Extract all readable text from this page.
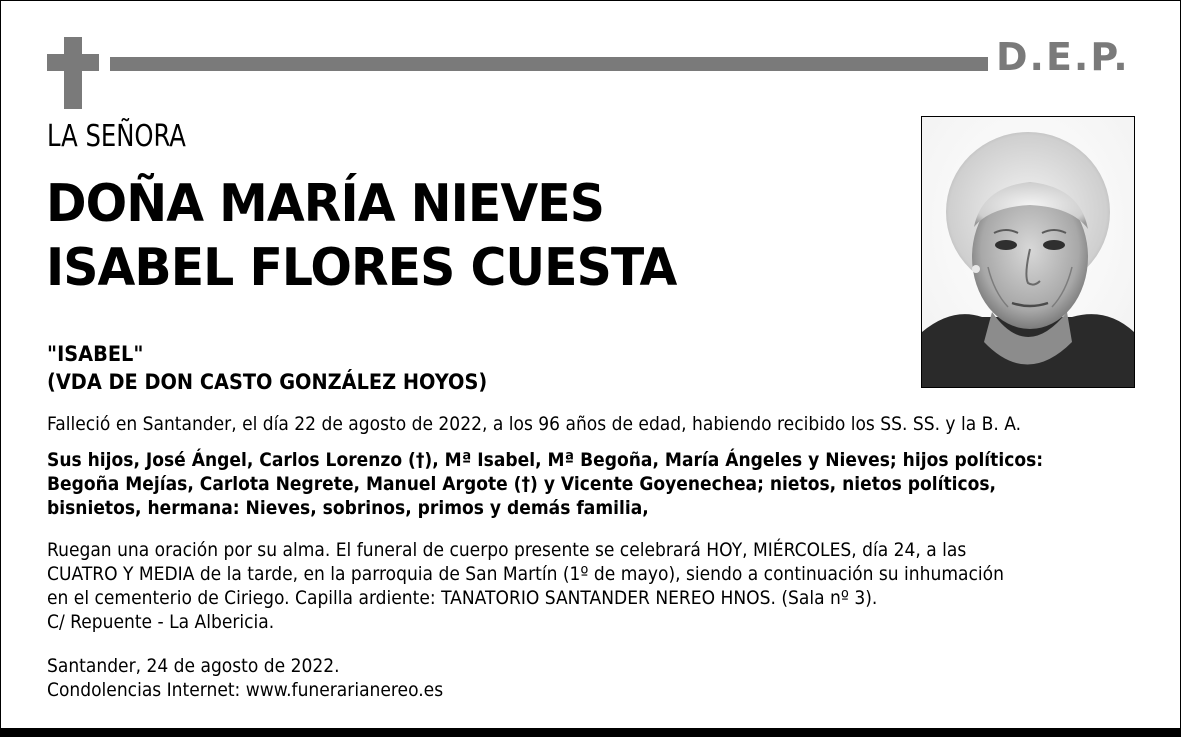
D.E.P.
LA SEÑORA
DOÑA MARÍA NIEVES
ISABEL FLORES CUESTA
"ISABEL"
(VDA DE DON CASTO GONZÁLEZ HOYOS)
Falleció en Santander, el día 22 de agosto de 2022, a los 96 años de edad, habiendo recibido los SS. SS. y la B. A.
Sus hijos, José Ángel, Carlos Lorenzo (†), Mª Isabel, Mª Begoña, María Ángeles y Nieves; hijos políticos:
Begoña Mejías, Carlota Negrete, Manuel Argote (†) y Vicente Goyenechea; nietos, nietos políticos,
bisnietos, hermana: Nieves, sobrinos, primos y demás familia,
Ruegan una oración por su alma. El funeral de cuerpo presente se celebrará HOY, MIÉRCOLES, día 24, a las
CUATRO Y MEDIA de la tarde, en la parroquia de San Martín (1º de mayo), siendo a continuación su inhumación
en el cementerio de Ciriego. Capilla ardiente: TANATORIO SANTANDER NEREO HNOS. (Sala nº 3).
C/ Repuente - La Albericia.
Santander, 24 de agosto de 2022.
Condolencias Internet: www.funerarianereo.es
